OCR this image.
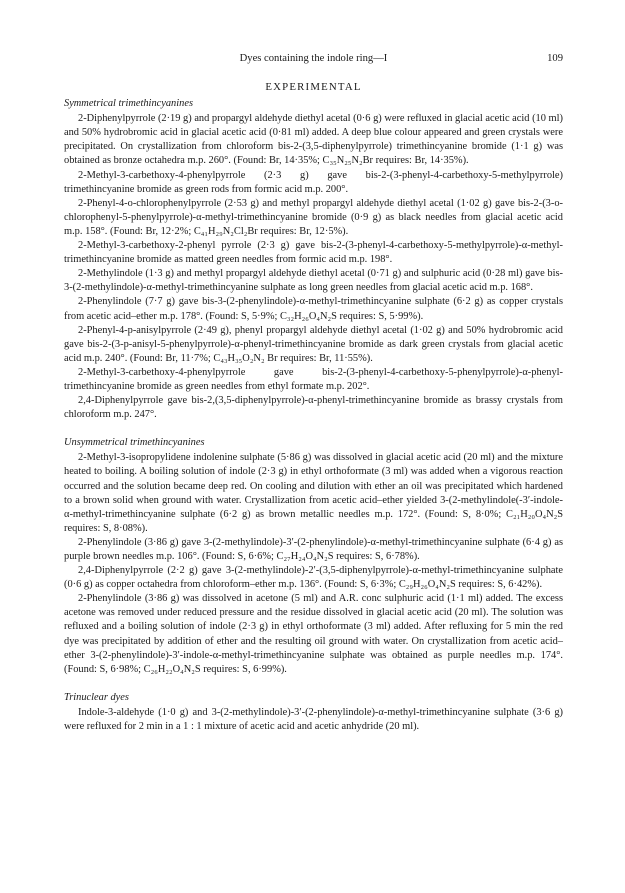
Dyes containing the indole ring—I	109
EXPERIMENTAL
Symmetrical trimethincyanines

2-Diphenylpyrrole (2·19 g) and propargyl aldehyde diethyl acetal (0·6 g) were refluxed in glacial acetic acid (10 ml) and 50% hydrobromic acid in glacial acetic acid (0·81 ml) added. A deep blue colour appeared and green crystals were precipitated. On crystallization from chloroform bis-2-(3,5-diphenylpyrrole) trimethincyanine bromide (1·1 g) was obtained as bronze octahedra m.p. 260°. (Found: Br, 14·35%; C₃₅N₂₅N₂Br requires: Br, 14·35%).

2-Methyl-3-carbethoxy-4-phenylpyrrole (2·3 g) gave bis-2-(3-phenyl-4-carbethoxy-5-methylpyrrole) trimethincyanine bromide as green rods from formic acid m.p. 200°.

2-Phenyl-4-o-chlorophenylpyrrole (2·53 g) and methyl propargyl aldehyde diethyl acetal (1·02 g) gave bis-2-(3-o-chlorophenyl-5-phenylpyrrole)-α-methyl-trimethincyanine bromide (0·9 g) as black needles from glacial acetic acid m.p. 158°. (Found: Br, 12·2%; C₄₁H₂₉N₂Cl₂Br requires: Br, 12·5%).

2-Methyl-3-carbethoxy-2-phenyl pyrrole (2·3 g) gave bis-2-(3-phenyl-4-carbethoxy-5-methylpyrrole)-α-methyl-trimethincyanine bromide as matted green needles from formic acid m.p. 198°.

2-Methylindole (1·3 g) and methyl propargyl aldehyde diethyl acetal (0·71 g) and sulphuric acid (0·28 ml) gave bis-3-(2-methylindole)-α-methyl-trimethincyanine sulphate as long green needles from glacial acetic acid m.p. 168°.

2-Phenylindole (7·7 g) gave bis-3-(2-phenylindole)-α-methyl-trimethincyanine sulphate (6·2 g) as copper crystals from acetic acid–ether m.p. 178°. (Found: S, 5·9%; C₃₂H₂₆O₄N₂S requires: S, 5·99%).

2-Phenyl-4-p-anisylpyrrole (2·49 g), phenyl propargyl aldehyde diethyl acetal (1·02 g) and 50% hydrobromic acid gave bis-2-(3-p-anisyl-5-phenylpyrrole)-α-phenyl-trimethincyanine bromide as dark green crystals from glacial acetic acid m.p. 240°. (Found: Br, 11·7%; C₄₃H₃₅O₂N₂ Br requires: Br, 11·55%).

2-Methyl-3-carbethoxy-4-phenylpyrrole gave bis-2-(3-phenyl-4-carbethoxy-5-phenylpyrrole)-α-phenyl-trimethincyanine bromide as green needles from ethyl formate m.p. 202°.

2,4-Diphenylpyrrole gave bis-2,(3,5-diphenylpyrrole)-α-phenyl-trimethincyanine bromide as brassy crystals from chloroform m.p. 247°.

Unsymmetrical trimethincyanines

2-Methyl-3-isopropylidene indolenine sulphate (5·86 g) was dissolved in glacial acetic acid (20 ml) and the mixture heated to boiling. A boiling solution of indole (2·3 g) in ethyl orthoformate (3 ml) was added when a vigorous reaction occurred and the solution became deep red. On cooling and dilution with ether an oil was precipitated which hardened to a brown solid when ground with water. Crystallization from acetic acid–ether yielded 3-(2-methylindole(-3′-indole-α-methyl-trimethincyanine sulphate (6·2 g) as brown metallic needles m.p. 172°. (Found: S, 8·0%; C₂₁H₂₀O₄N₂S requires: S, 8·08%).

2-Phenylindole (3·86 g) gave 3-(2-methylindole)-3′-(2-phenylindole)-α-methyl-trimethincyanine sulphate (6·4 g) as purple brown needles m.p. 106°. (Found: S, 6·6%; C₂₇H₂₄O₄N₂S requires: S, 6·78%).

2,4-Diphenylpyrrole (2·2 g) gave 3-(2-methylindole)-2′-(3,5-diphenylpyrrole)-α-methyl-trimethincyanine sulphate (0·6 g) as copper octahedra from chloroform–ether m.p. 136°. (Found: S, 6·3%; C₂₉H₂₆O₄N₂S requires: S, 6·42%).

2-Phenylindole (3·86 g) was dissolved in acetone (5 ml) and A.R. conc sulphuric acid (1·1 ml) added. The excess acetone was removed under reduced pressure and the residue dissolved in glacial acetic acid (20 ml). The solution was refluxed and a boiling solution of indole (2·3 g) in ethyl orthoformate (3 ml) added. After refluxing for 5 min the red dye was precipitated by addition of ether and the resulting oil ground with water. On crystallization from acetic acid–ether 3-(2-phenylindole)-3′-indole-α-methyl-trimethincyanine sulphate was obtained as purple needles m.p. 174°. (Found: S, 6·98%; C₂₆H₂₂O₄N₂S requires: S, 6·99%).

Trinuclear dyes

Indole-3-aldehyde (1·0 g) and 3-(2-methylindole)-3′-(2-phenylindole)-α-methyl-trimethincyanine sulphate (3·6 g) were refluxed for 2 min in a 1 : 1 mixture of acetic acid and acetic anhydride (20 ml).
